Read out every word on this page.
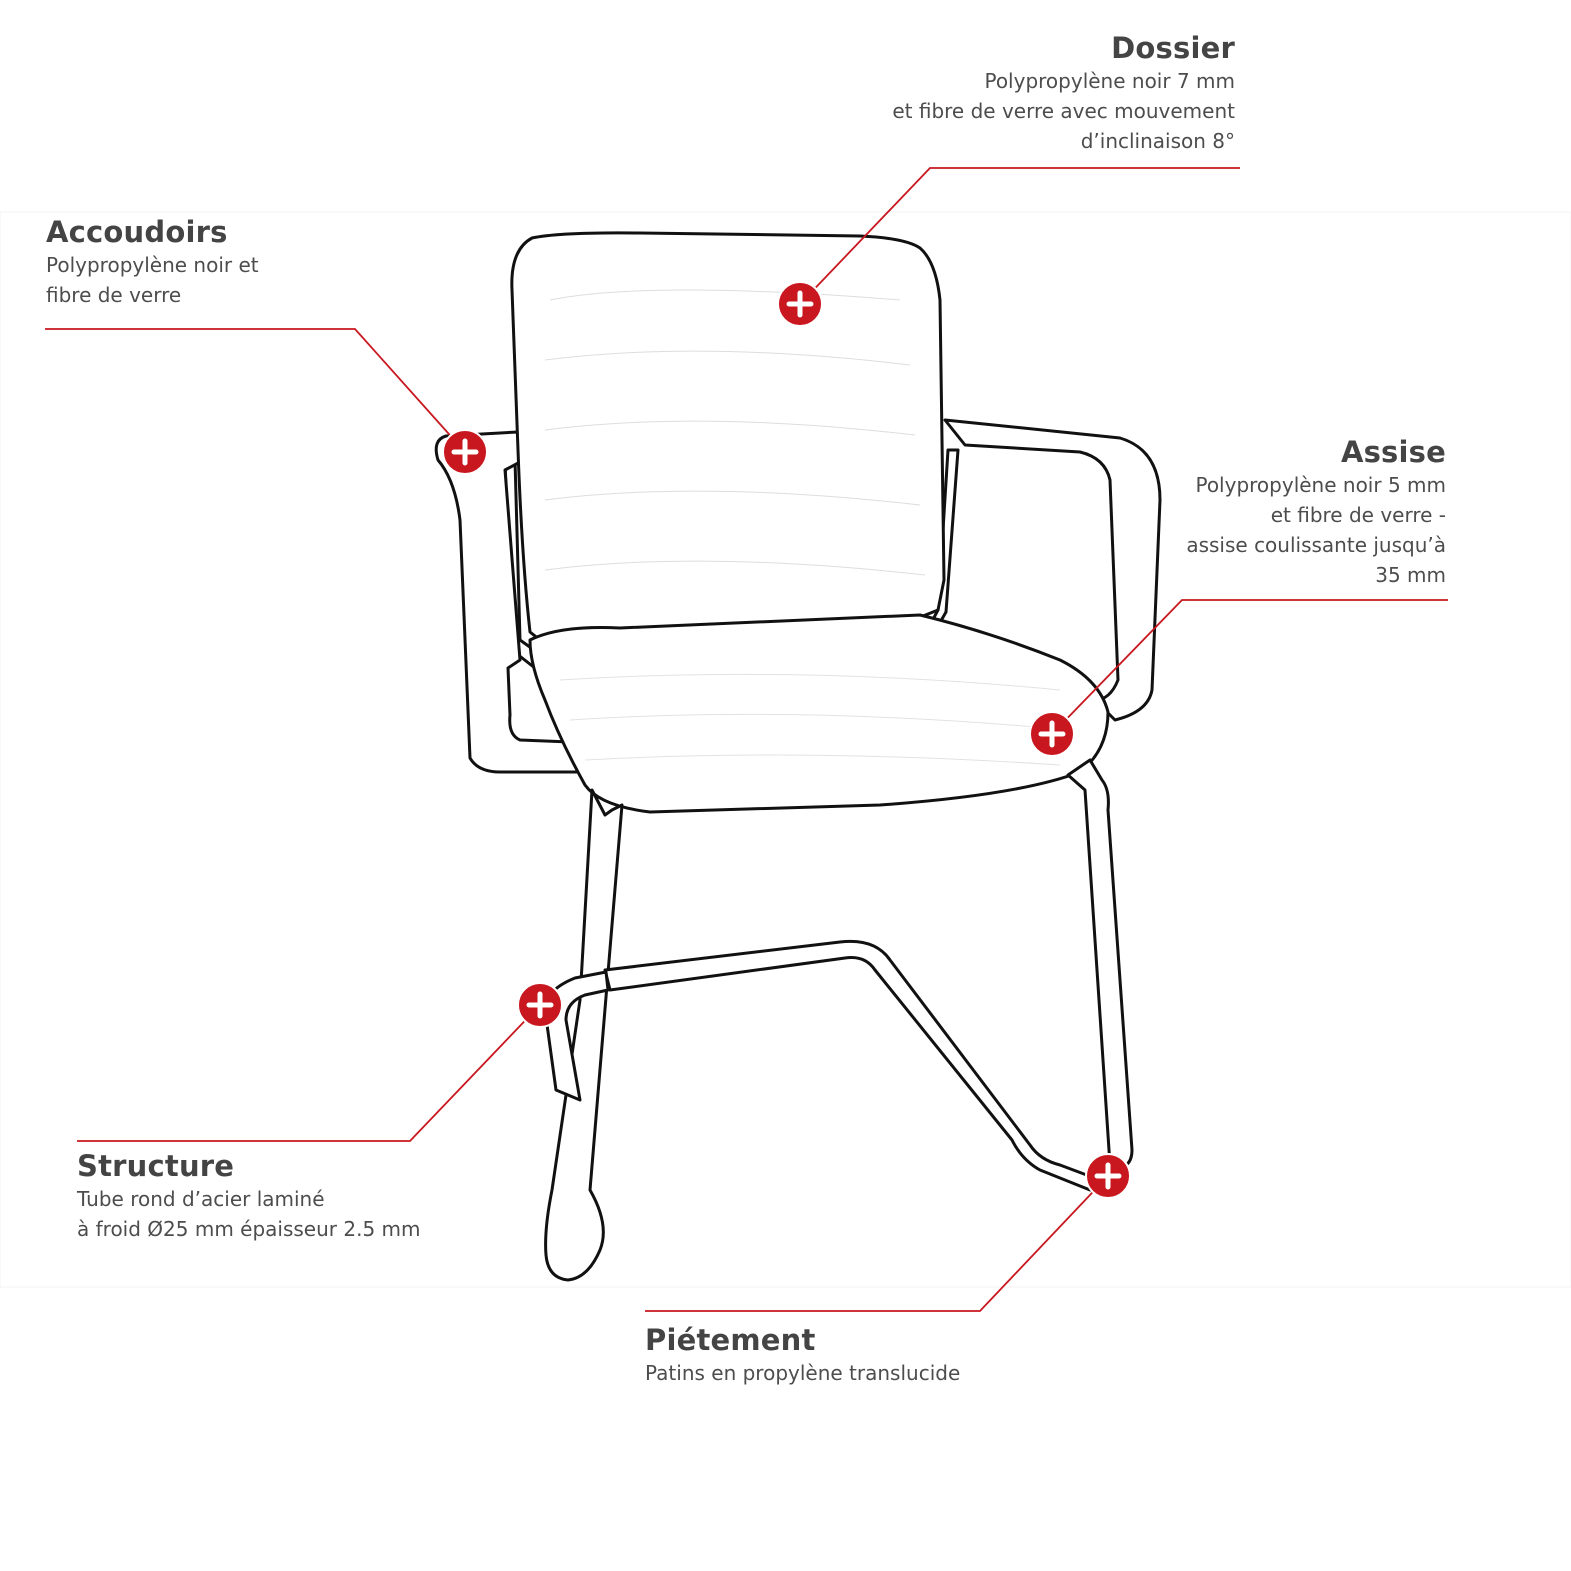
Dossier
Polypropylène noir 7 mm
et fibre de verre avec mouvement
d’inclinaison 8°
Accoudoirs
Polypropylène noir et
fibre de verre
Assise
Polypropylène noir 5 mm
et fibre de verre -
assise coulissante jusqu’à
35 mm
Structure
Tube rond d’acier laminé
à froid Ø25 mm épaisseur 2.5 mm
Piétement
Patins en propylène translucide
